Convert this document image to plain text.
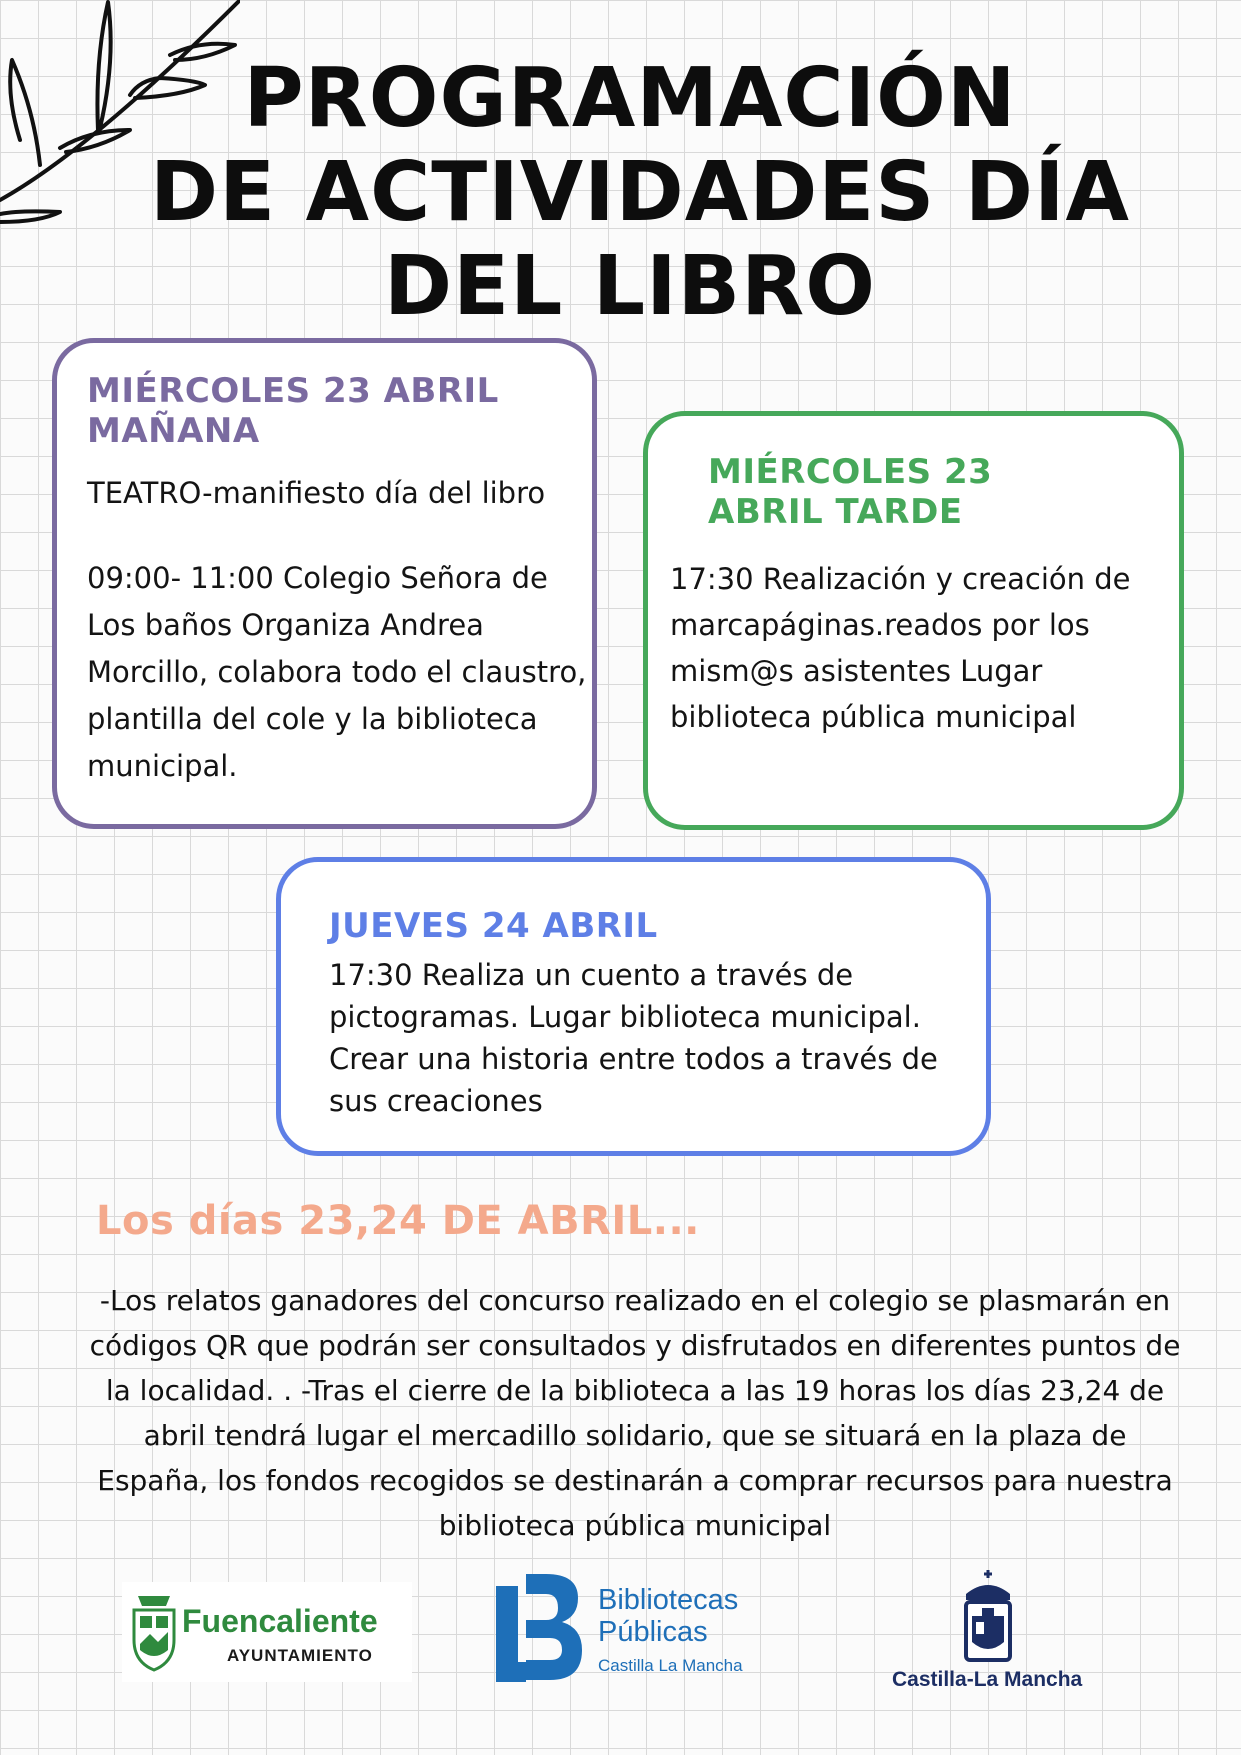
PROGRAMACIÓN
DE ACTIVIDADES DÍA
DEL LIBRO
MIÉRCOLES 23 ABRIL
MAÑANA
TEATRO-manifiesto día del libro
09:00- 11:00 Colegio Señora de Los baños Organiza Andrea Morcillo, colabora todo el claustro, plantilla del cole y la biblioteca municipal.
MIÉRCOLES 23
ABRIL TARDE
17:30 Realización y creación de marcapáginas.reados por los mism@s asistentes Lugar biblioteca pública municipal
JUEVES 24 ABRIL
17:30 Realiza un cuento a través de pictogramas. Lugar biblioteca municipal. Crear una historia entre todos a través de sus creaciones
Los días 23,24 DE ABRIL...
-Los relatos ganadores del concurso realizado en el colegio se plasmarán en códigos QR que podrán ser consultados y disfrutados en diferentes puntos de la localidad. . -Tras el cierre de la biblioteca a las 19 horas los días 23,24 de abril tendrá lugar el mercadillo solidario, que se situará en la plaza de España, los fondos recogidos se destinarán a comprar recursos para nuestra biblioteca pública municipal
Fuencaliente
AYUNTAMIENTO
Bibliotecas
Públicas
Castilla La Mancha
Castilla-La Mancha
